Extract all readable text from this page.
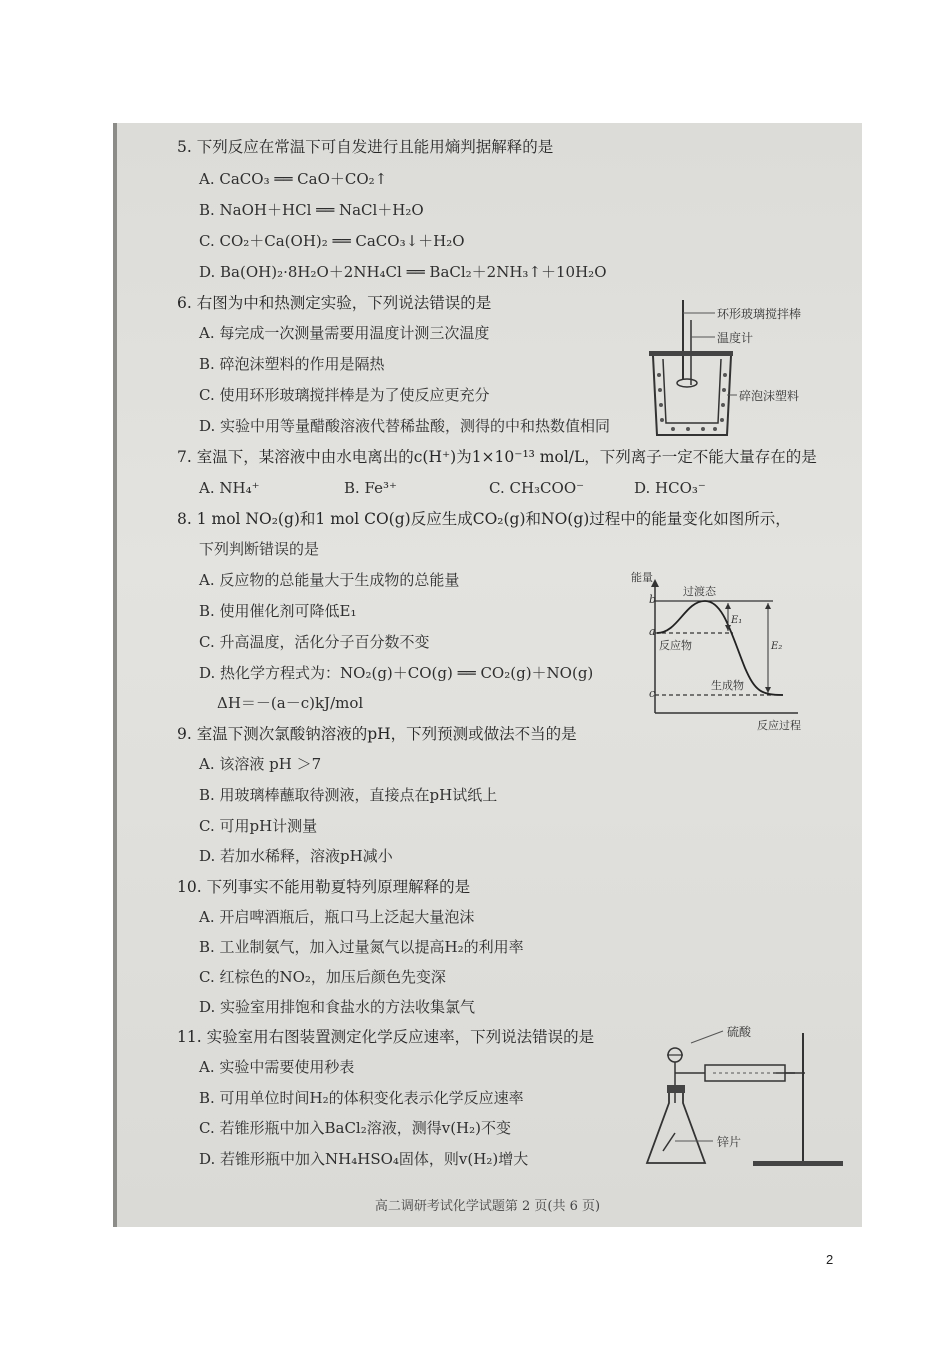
5. 下列反应在常温下可自发进行且能用熵判据解释的是
A. CaCO₃ ══ CaO＋CO₂↑
B. NaOH＋HCl ══ NaCl＋H₂O
C. CO₂＋Ca(OH)₂ ══ CaCO₃↓＋H₂O
D. Ba(OH)₂·8H₂O＋2NH₄Cl ══ BaCl₂＋2NH₃↑＋10H₂O
6. 右图为中和热测定实验，下列说法错误的是
A. 每完成一次测量需要用温度计测三次温度
B. 碎泡沫塑料的作用是隔热
C. 使用环形玻璃搅拌棒是为了使反应更充分
D. 实验中用等量醋酸溶液代替稀盐酸，测得的中和热数值相同
环形玻璃搅拌棒
温度计
碎泡沫塑料
7. 室温下，某溶液中由水电离出的c(H⁺)为1×10⁻¹³ mol/L，下列离子一定不能大量存在的是
A. NH₄⁺	B. Fe³⁺	C. CH₃COO⁻	D. HCO₃⁻
8. 1 mol NO₂(g)和1 mol CO(g)反应生成CO₂(g)和NO(g)过程中的能量变化如图所示，
下列判断错误的是
A. 反应物的总能量大于生成物的总能量
B. 使用催化剂可降低E₁
C. 升高温度，活化分子百分数不变
D. 热化学方程式为：NO₂(g)＋CO(g) ══ CO₂(g)＋NO(g)
ΔH＝－(a－c)kJ/mol
能量
b
a
c
过渡态
反应物
生成物
E₁
E₂
反应过程
9. 室温下测次氯酸钠溶液的pH，下列预测或做法不当的是
A. 该溶液 pH ＞7
B. 用玻璃棒蘸取待测液，直接点在pH试纸上
C. 可用pH计测量
D. 若加水稀释，溶液pH减小
10. 下列事实不能用勒夏特列原理解释的是
A. 开启啤酒瓶后，瓶口马上泛起大量泡沫
B. 工业制氨气，加入过量氮气以提高H₂的利用率
C. 红棕色的NO₂，加压后颜色先变深
D. 实验室用排饱和食盐水的方法收集氯气
11. 实验室用右图装置测定化学反应速率，下列说法错误的是
A. 实验中需要使用秒表
B. 可用单位时间H₂的体积变化表示化学反应速率
C. 若锥形瓶中加入BaCl₂溶液，测得v(H₂)不变
D. 若锥形瓶中加入NH₄HSO₄固体，则v(H₂)增大
硫酸
锌片
高二调研考试化学试题第 2 页(共 6 页)
2
